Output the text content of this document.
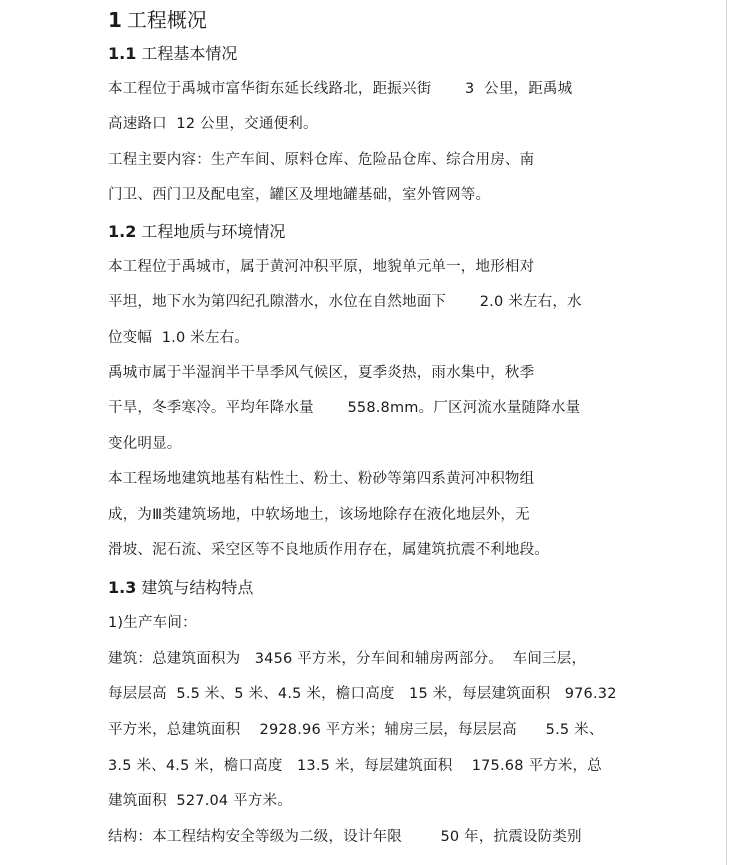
1 工程概况
1.1 工程基本情况
本工程位于禹城市富华街东延长线路北，距振兴街       3  公里，距禹城
高速路口  12 公里，交通便利。
工程主要内容：生产车间、原料仓库、危险品仓库、综合用房、南
门卫、西门卫及配电室，罐区及埋地罐基础，室外管网等。
1.2 工程地质与环境情况
本工程位于禹城市，属于黄河冲积平原，地貌单元单一，地形相对
平坦，地下水为第四纪孔隙潜水，水位在自然地面下       2.0 米左右，水
位变幅  1.0 米左右。
禹城市属于半湿润半干旱季风气候区，夏季炎热，雨水集中，秋季
干旱，冬季寒冷。平均年降水量       558.8mm。厂区河流水量随降水量
变化明显。
本工程场地建筑地基有粘性土、粉土、粉砂等第四系黄河冲积物组
成，为Ⅲ类建筑场地，中软场地土，该场地除存在液化地层外，无
滑坡、泥石流、采空区等不良地质作用存在，属建筑抗震不利地段。
1.3 建筑与结构特点
1)生产车间：
建筑：总建筑面积为   3456 平方米，分车间和辅房两部分。  车间三层，
每层层高  5.5 米、5 米、4.5 米，檐口高度   15 米，每层建筑面积   976.32
平方米，总建筑面积    2928.96 平方米；辅房三层，每层层高      5.5 米、
3.5 米、4.5 米，檐口高度   13.5 米，每层建筑面积    175.68 平方米，总
建筑面积  527.04 平方米。
结构：本工程结构安全等级为二级，设计年限        50 年，抗震设防类别
